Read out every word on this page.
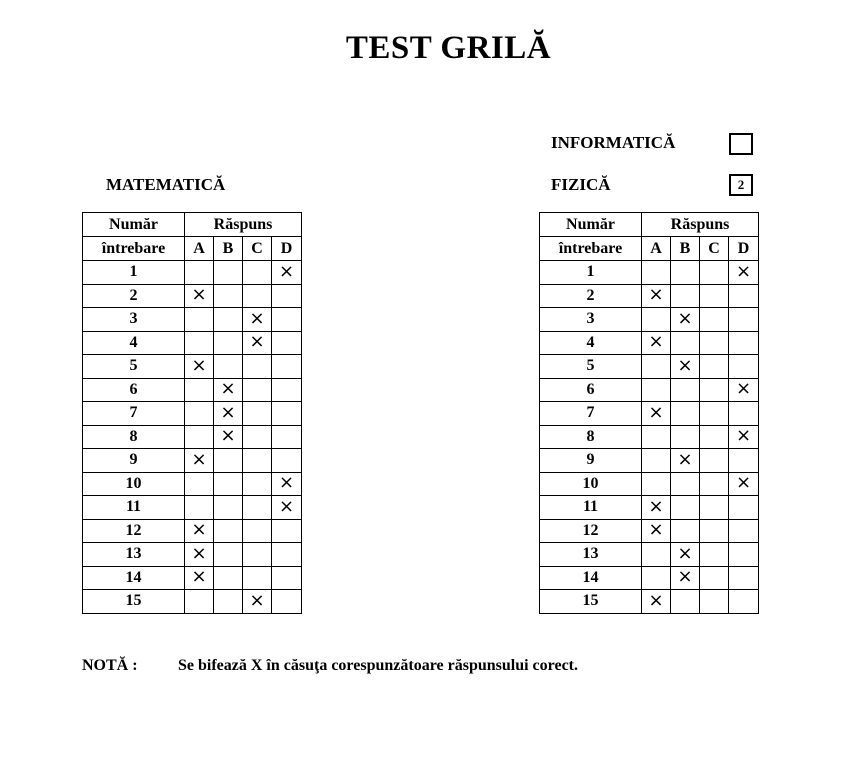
TEST GRILĂ
INFORMATICĂ
MATEMATICĂ	FIZICĂ	2
Număr	Răspuns			
întrebare	A	B	C	D
1				×
2	×			
3			×	
4			×	
5	×			
6		×		
7		×		
8		×		
9	×			
10				×
11				×
12	×			
13	×			
14	×			
15			×	
Număr	Răspuns			
întrebare	A	B	C	D
1				×
2	×			
3		×		
4	×			
5		×		
6				×
7	×			
8				×
9		×		
10				×
11	×			
12	×			
13		×		
14		×		
15	×			
NOTĂ :	Se bifează X în căsuţa corespunzătoare răspunsului corect.
